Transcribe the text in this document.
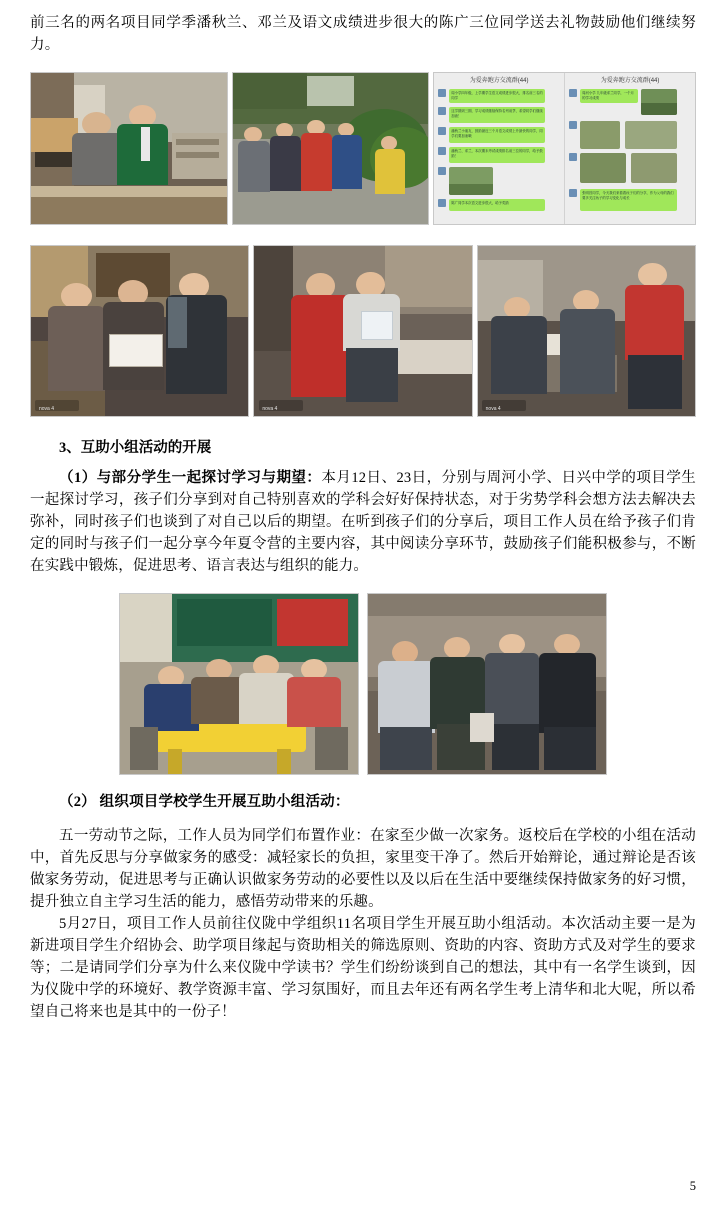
前三名的两名项目同学季潘秋兰、邓兰及语文成绩进步很大的陈广三位同学送去礼物鼓励他们继续努力。

为爱奔跑方交流群(44)
周小学四年级，上学期学生语文成绩进步很大，排名前三名的同学
这学期到三期，学习成绩继续保持名列前茅，希望同学们继续加油！
潘秋兰小朋友，鼓励最近三个月语文成绩上升最快的同学，同学们要加油哦
潘秋兰、邓兰，本次期末考试成绩排名前三位的同学，给予鼓励！
陈广同学本次语文进步很大，给予奖励
为爱奔跑方交流群(44)
周河小学 九年级邓兰同学，一个月的学习成绩
张明昌同学，今天我们来看看孩子们的分享，作为父母的我们要多关注孩子的学习变化与成长
nova 4	nova 4	nova 4

3、互助小组活动的开展

（1）与部分学生一起探讨学习与期望：本月12日、23日，分别与周河小学、日兴中学的项目学生一起探讨学习，孩子们分享到对自己特别喜欢的学科会好好保持状态，对于劣势学科会想方法去解决去弥补，同时孩子们也谈到了对自己以后的期望。在听到孩子们的分享后，项目工作人员在给予孩子们肯定的同时与孩子们一起分享今年夏令营的主要内容，其中阅读分享环节，鼓励孩子们能积极参与，不断在实践中锻炼，促进思考、语言表达与组织的能力。

（2） 组织项目学校学生开展互助小组活动：

五一劳动节之际，工作人员为同学们布置作业：在家至少做一次家务。返校后在学校的小组在活动中，首先反思与分享做家务的感受：减轻家长的负担，家里变干净了。然后开始辩论，通过辩论是否该做家务劳动，促进思考与正确认识做家务劳动的必要性以及以后在生活中要继续保持做家务的好习惯，提升独立自主学习生活的能力，感悟劳动带来的乐趣。

5月27日，项目工作人员前往仪陇中学组织11名项目学生开展互助小组活动。本次活动主要一是为新进项目学生介绍协会、助学项目缘起与资助相关的筛选原则、资助的内容、资助方式及对学生的要求等；二是请同学们分享为什么来仪陇中学读书？学生们纷纷谈到自己的想法，其中有一名学生谈到，因为仪陇中学的环境好、教学资源丰富、学习氛围好，而且去年还有两名学生考上清华和北大呢，所以希望自己将来也是其中的一份子！

5
